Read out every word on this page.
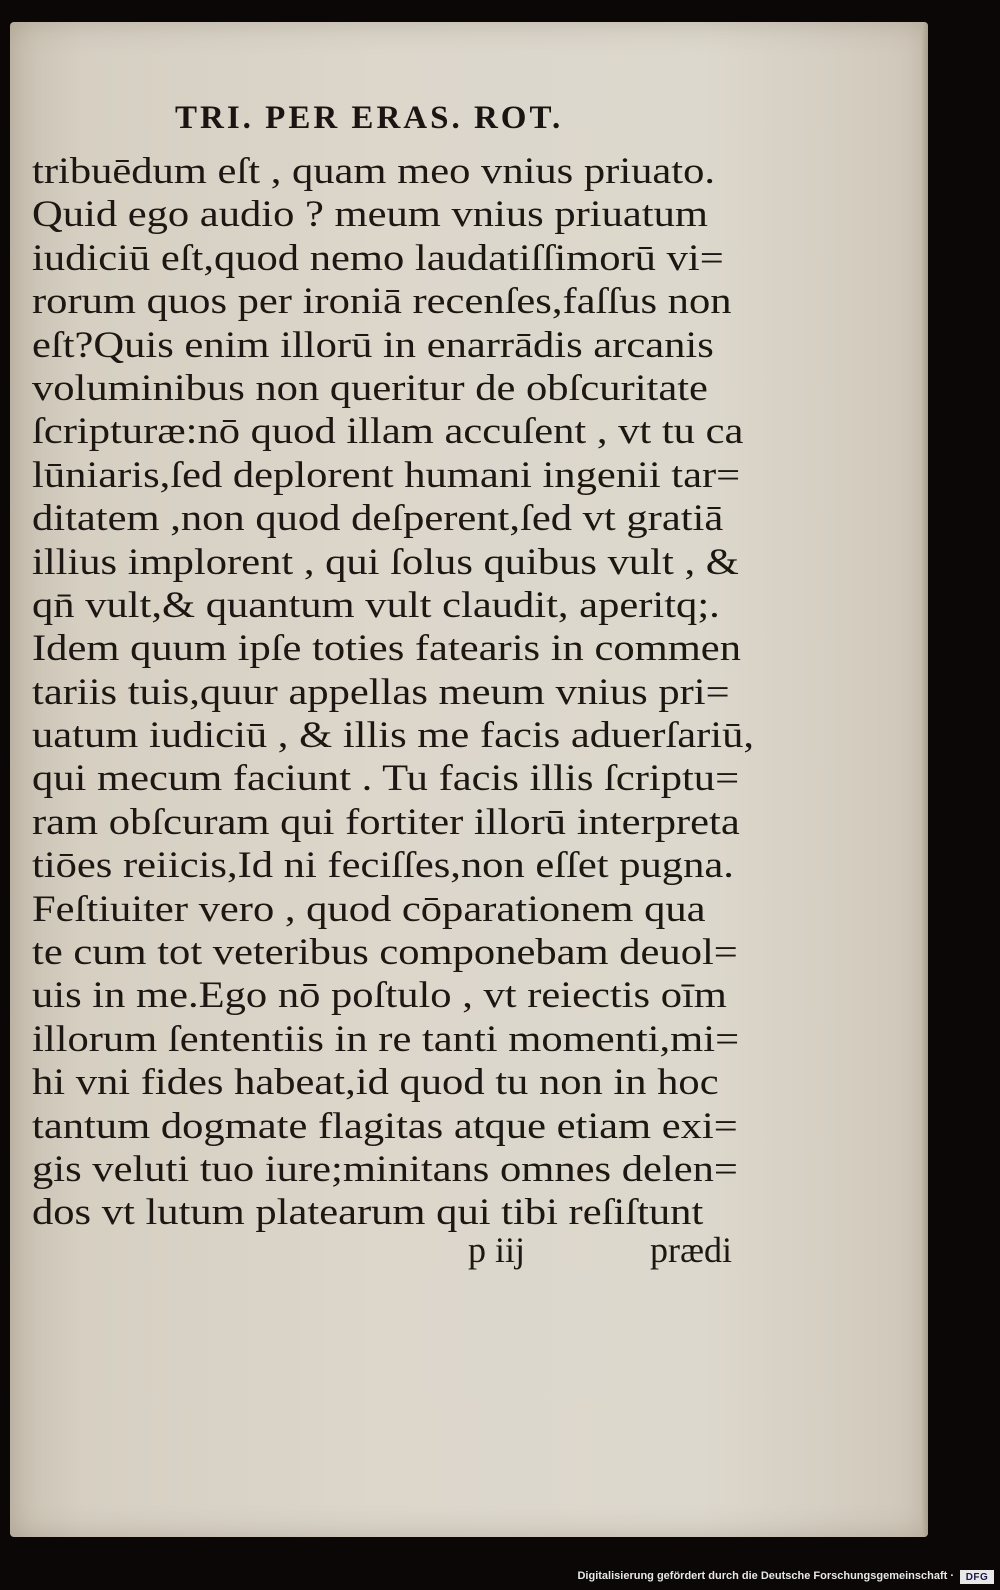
TRI. PER ERAS. ROT.
tribuēdum eſt , quam meo vnius priuato.
Quid ego audio ? meum vnius priuatum
iudiciū eſt,quod nemo laudatiſſimorū vi=
rorum quos per ironiā recenſes,faſſus non
eſt?Quis enim illorū in enarrādis arcanis
voluminibus non queritur de obſcuritate
ſcripturæ:nō quod illam accuſent , vt tu ca
lūniaris,ſed deplorent humani ingenii tar=
ditatem ,non quod deſperent,ſed vt gratiā
illius implorent , qui ſolus quibus vult , &
qn̄ vult,& quantum vult claudit, aperitq;.
Idem quum ipſe toties fatearis in commen
tariis tuis,quur appellas meum vnius pri=
uatum iudiciū , & illis me facis aduerſariū,
qui mecum faciunt . Tu facis illis ſcriptu=
ram obſcuram qui fortiter illorū interpreta
tiōes reiicis,Id ni feciſſes,non eſſet pugna.
Feſtiuiter vero , quod cōparationem qua
te cum tot veteribus componebam deuol=
uis in me.Ego nō poſtulo , vt reiectis oīm
illorum ſententiis in re tanti momenti,mi=
hi vni fides habeat,id quod tu non in hoc
tantum dogmate flagitas atque etiam exi=
gis veluti tuo iure;minitans omnes delen=
dos vt lutum platearum qui tibi reſiſtunt
p iij	prædi
Digitalisierung gefördert durch die Deutsche Forschungsgemeinschaft ·	DFG
